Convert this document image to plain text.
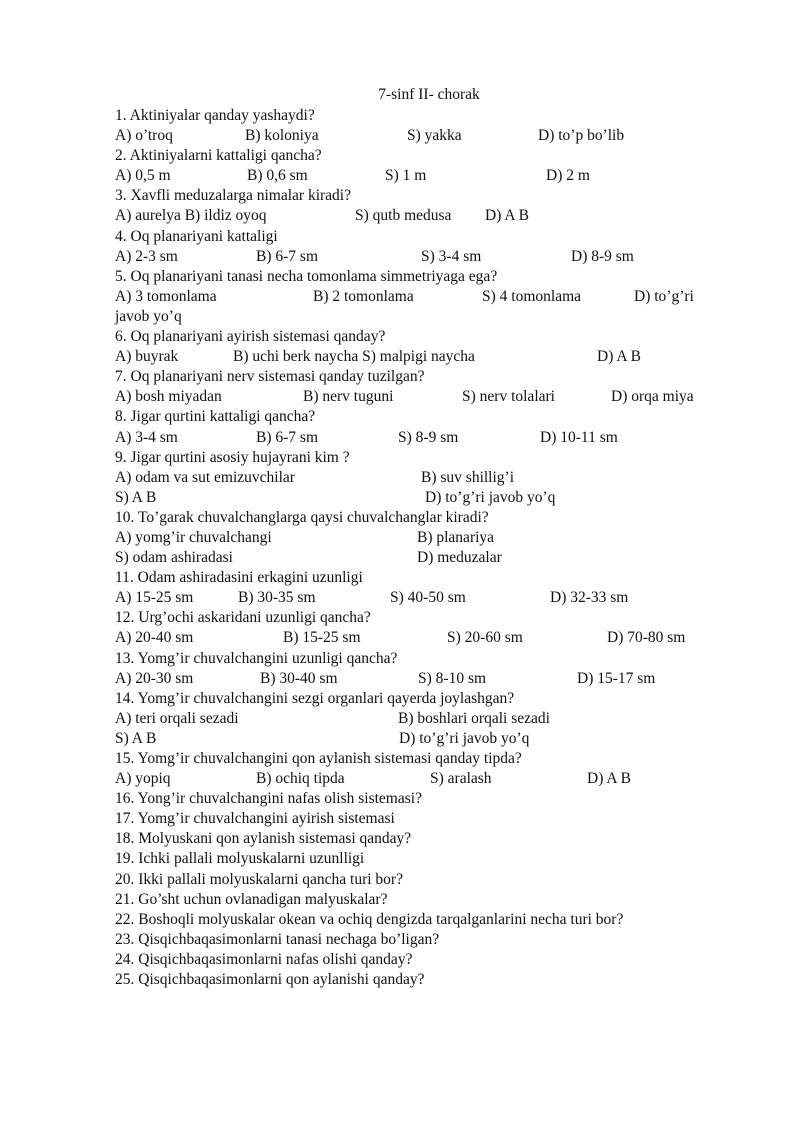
7-sinf II- chorak
1. Aktiniyalar qanday yashaydi?
A) o’troq	B) koloniya	S) yakka	D) to’p bo’lib
2. Aktiniyalarni kattaligi qancha?
A) 0,5 m	B) 0,6 sm	S) 1 m	D) 2 m
3. Xavfli meduzalarga nimalar kiradi?
A) aurelya B) ildiz oyoq	S) qutb medusa D) A B
4. Oq planariyani kattaligi
A) 2-3 sm	B) 6-7 sm	S) 3-4 sm	D) 8-9 sm
5. Oq planariyani tanasi necha tomonlama simmetriyaga ega?
A) 3 tomonlama	B) 2 tomonlama	S) 4 tomonlama	D) to’g’ri
javob yo’q
6. Oq planariyani ayirish sistemasi qanday?
A) buyrak	B) uchi berk naycha S) malpigi naycha	D) A B
7. Oq planariyani nerv sistemasi qanday tuzilgan?
A) bosh miyadan	B) nerv tuguni	S) nerv tolalari	D) orqa miya
8. Jigar qurtini kattaligi qancha?
A) 3-4 sm	B) 6-7 sm	S) 8-9 sm	D) 10-11 sm
9. Jigar qurtini asosiy hujayrani kim ?
A) odam va sut emizuvchilar	B) suv shillig’i
S) A B	D) to’g’ri javob yo’q
10. To’garak chuvalchanglarga qaysi chuvalchanglar kiradi?
A) yomg’ir chuvalchangi	B) planariya
S) odam ashiradasi	D) meduzalar
11. Odam ashiradasini erkagini uzunligi
A) 15-25 sm	B) 30-35 sm	S) 40-50 sm	D) 32-33 sm
12. Urg’ochi askaridani uzunligi qancha?
A) 20-40 sm	B) 15-25 sm	S) 20-60 sm	D) 70-80 sm
13. Yomg’ir chuvalchangini uzunligi qancha?
A) 20-30 sm	B) 30-40 sm	S) 8-10 sm	D) 15-17 sm
14. Yomg’ir chuvalchangini sezgi organlari qayerda joylashgan?
A) teri orqali sezadi	B) boshlari orqali sezadi
S) A B	D) to’g’ri javob yo’q
15. Yomg’ir chuvalchangini qon aylanish sistemasi qanday tipda?
A) yopiq	B) ochiq tipda	S) aralash	D) A B
16. Yong’ir chuvalchangini nafas olish sistemasi?
17. Yomg’ir chuvalchangini ayirish sistemasi
18. Molyuskani qon aylanish sistemasi qanday?
19. Ichki pallali molyuskalarni uzunlligi
20. Ikki pallali molyuskalarni qancha turi bor?
21. Go’sht uchun ovlanadigan malyuskalar?
22. Boshoqli molyuskalar okean va ochiq dengizda tarqalganlarini necha turi bor?
23. Qisqichbaqasimonlarni tanasi nechaga bo’ligan?
24. Qisqichbaqasimonlarni nafas olishi qanday?
25. Qisqichbaqasimonlarni qon aylanishi qanday?
